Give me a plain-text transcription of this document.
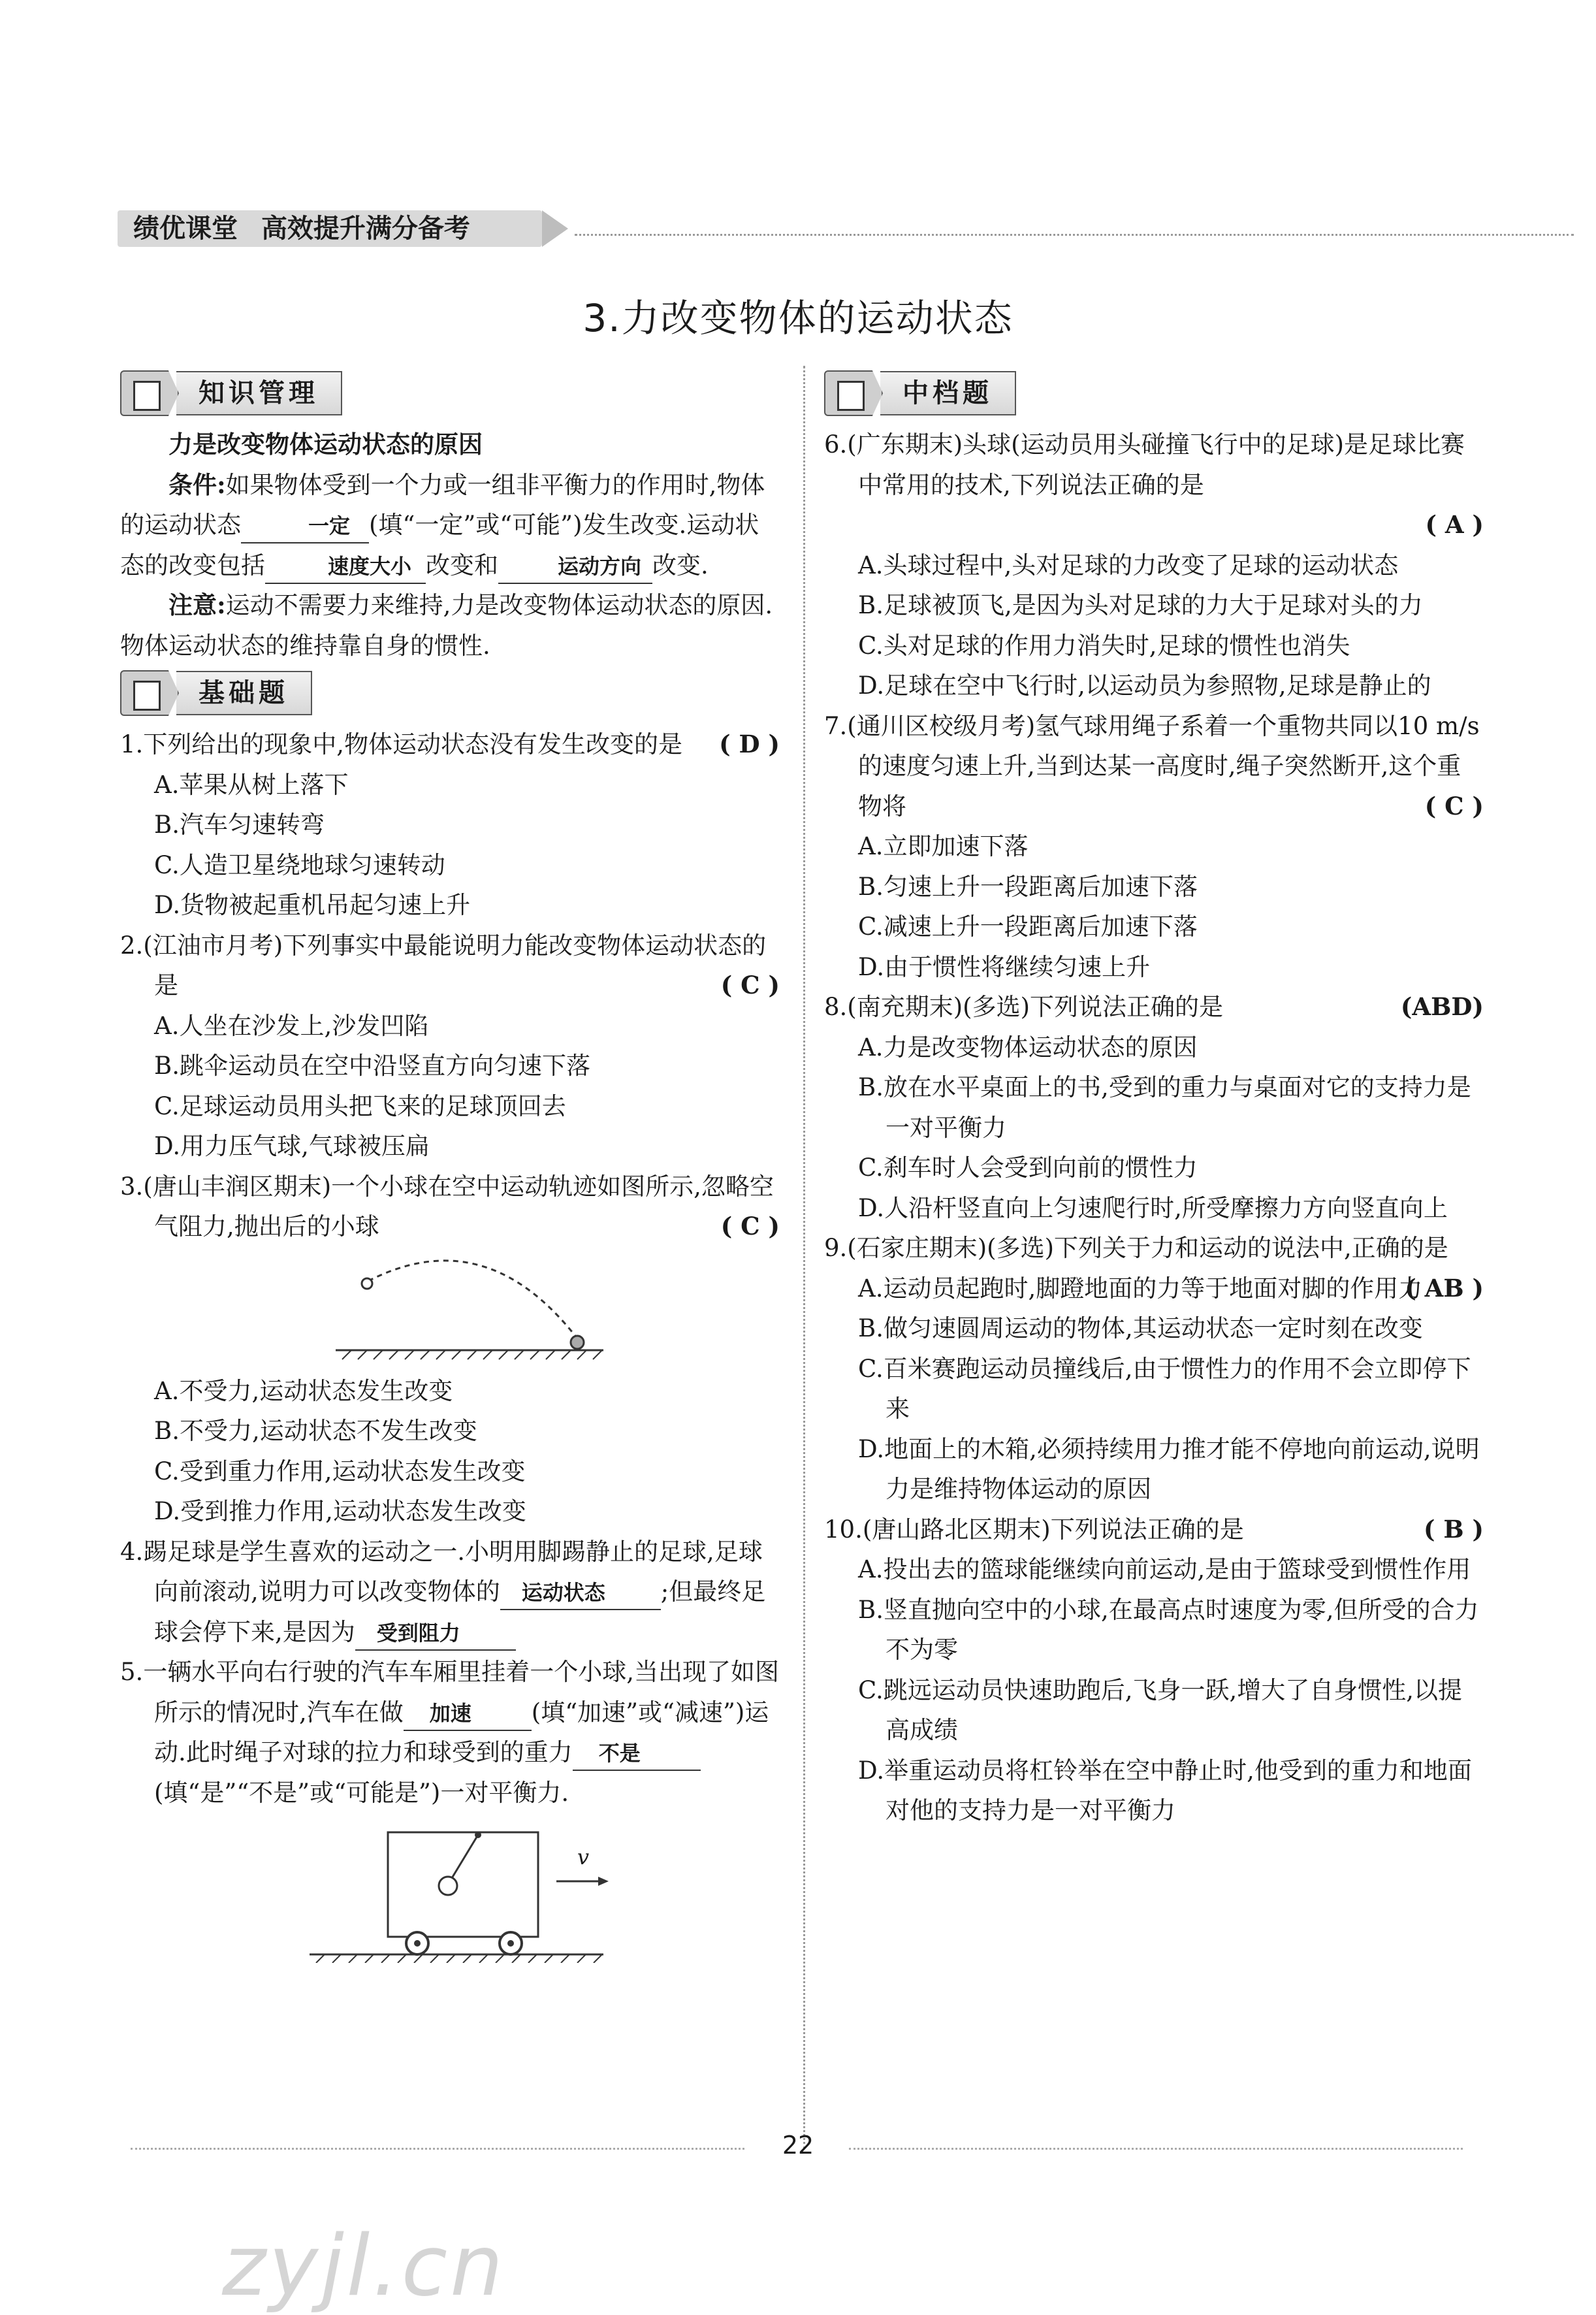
绩优课堂 高效提升满分备考
3.力改变物体的运动状态
知识管理

力是改变物体运动状态的原因

条件:如果物体受到一个力或一组非平衡力的作用时,物体的运动状态	一定 (填“一定”或“可能”)发生改变.运动状态的改变包括	速度大小 改变和	运动方向 改变.

注意:运动不需要力来维持,力是改变物体运动状态的原因.物体运动状态的维持靠自身的惯性.

基础题

1.下列给出的现象中,物体运动状态没有发生改变的是 ( D )

A.苹果从树上落下

B.汽车匀速转弯

C.人造卫星绕地球匀速转动

D.货物被起重机吊起匀速上升

2.(江油市月考)下列事实中最能说明力能改变物体运动状态的是	( C )

A.人坐在沙发上,沙发凹陷

B.跳伞运动员在空中沿竖直方向匀速下落

C.足球运动员用头把飞来的足球顶回去

D.用力压气球,气球被压扁

3.(唐山丰润区期末)一个小球在空中运动轨迹如图所示,忽略空气阻力,抛出后的小球	( C )

A.不受力,运动状态发生改变

B.不受力,运动状态不发生改变

C.受到重力作用,运动状态发生改变

D.受到推力作用,运动状态发生改变

4.踢足球是学生喜欢的运动之一.小明用脚踢静止的足球,足球向前滚动,说明力可以改变物体的 运动状态 ;但最终足球会停下来,是因为 受到阻力

5.一辆水平向右行驶的汽车车厢里挂着一个小球,当出现了如图所示的情况时,汽车在做 加速 (填“加速”或“减速”)运动.此时绳子对球的拉力和球受到的重力 不是(填“是”“不是”或“可能是”)一对平衡力.

v
中档题

6.(广东期末)头球(运动员用头碰撞飞行中的足球)是足球比赛中常用的技术,下列说法正确的是

( A )

A.头球过程中,头对足球的力改变了足球的运动状态

B.足球被顶飞,是因为头对足球的力大于足球对头的力

C.头对足球的作用力消失时,足球的惯性也消失

D.足球在空中飞行时,以运动员为参照物,足球是静止的

7.(通川区校级月考)氢气球用绳子系着一个重物共同以10 m/s的速度匀速上升,当到达某一高度时,绳子突然断开,这个重物将	( C )

A.立即加速下落

B.匀速上升一段距离后加速下落

C.减速上升一段距离后加速下落

D.由于惯性将继续匀速上升

8.(南充期末)(多选)下列说法正确的是	(ABD)

A.力是改变物体运动状态的原因

B.放在水平桌面上的书,受到的重力与桌面对它的支持力是一对平衡力

C.刹车时人会受到向前的惯性力

D.人沿杆竖直向上匀速爬行时,所受摩擦力方向竖直向上

9.(石家庄期末)(多选)下列关于力和运动的说法中,正确的是
( AB )

A.运动员起跑时,脚蹬地面的力等于地面对脚的作用力

B.做匀速圆周运动的物体,其运动状态一定时刻在改变

C.百米赛跑运动员撞线后,由于惯性力的作用不会立即停下来

D.地面上的木箱,必须持续用力推才能不停地向前运动,说明力是维持物体运动的原因

10.(唐山路北区期末)下列说法正确的是	( B )

A.投出去的篮球能继续向前运动,是由于篮球受到惯性作用

B.竖直抛向空中的小球,在最高点时速度为零,但所受的合力不为零

C.跳远运动员快速助跑后,飞身一跃,增大了自身惯性,以提高成绩

D.举重运动员将杠铃举在空中静止时,他受到的重力和地面对他的支持力是一对平衡力

22
zyjl.cn
